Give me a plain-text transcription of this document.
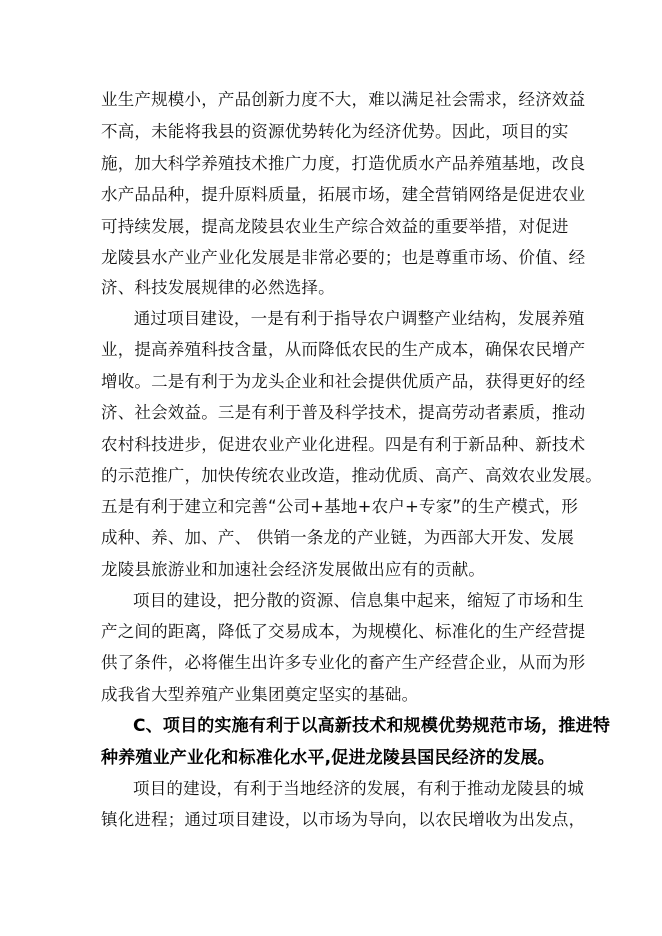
业生产规模小，产品创新力度不大，难以满足社会需求，经济效益
不高，未能将我县的资源优势转化为经济优势。因此，项目的实
施，加大科学养殖技术推广力度，打造优质水产品养殖基地，改良
水产品品种，提升原料质量，拓展市场，建全营销网络是促进农业
可持续发展，提高龙陵县农业生产综合效益的重要举措，对促进
龙陵县水产业产业化发展是非常必要的；也是尊重市场、价值、经
济、科技发展规律的必然选择。
　通过项目建设，一是有利于指导农户调整产业结构，发展养殖
业，提高养殖科技含量，从而降低农民的生产成本，确保农民增产
增收。二是有利于为龙头企业和社会提供优质产品，获得更好的经
济、社会效益。三是有利于普及科学技术，提高劳动者素质，推动
农村科技进步，促进农业产业化进程。四是有利于新品种、新技术
的示范推广，加快传统农业改造，推动优质、高产、高效农业发展。
五是有利于建立和完善“公司+基地+农户+专家”的生产模式，形
成种、养、加、产、 供销一条龙的产业链，为西部大开发、发展
龙陵县旅游业和加速社会经济发展做出应有的贡献。
项目的建设，把分散的资源、信息集中起来，缩短了市场和生
产之间的距离，降低了交易成本，为规模化、标准化的生产经营提
供了条件，必将催生出许多专业化的畜产生产经营企业，从而为形
成我省大型养殖产业集团奠定坚实的基础。
C、项目的实施有利于以高新技术和规模优势规范市场，推进特
种养殖业产业化和标准化水平,促进龙陵县国民经济的发展。
项目的建设，有利于当地经济的发展，有利于推动龙陵县的城
镇化进程；通过项目建设，以市场为导向，以农民增收为出发点，
